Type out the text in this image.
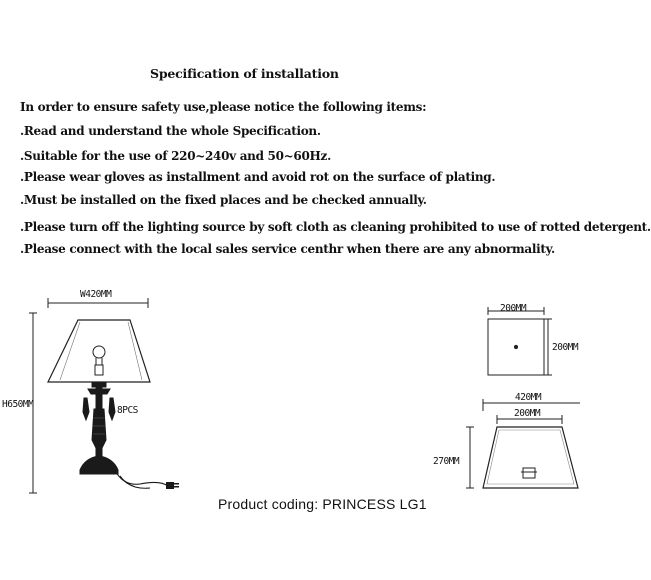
Specification of installation
In order to ensure safety use,please notice the following items:
.Read and understand the whole Specification.
.Suitable for the use of 220~240v and 50~60Hz.
.Please wear gloves as installment and avoid rot on the surface of plating.
.Must be installed on the fixed places and be checked annually.
.Please turn off the lighting source by soft cloth as cleaning prohibited to use of rotted detergent.
.Please connect with the local sales service centhr when there are any abnormality.
W420MM
H650MM
8PCS
200MM
200MM
420MM
200MM
270MM
Product coding: PRINCESS LG1
